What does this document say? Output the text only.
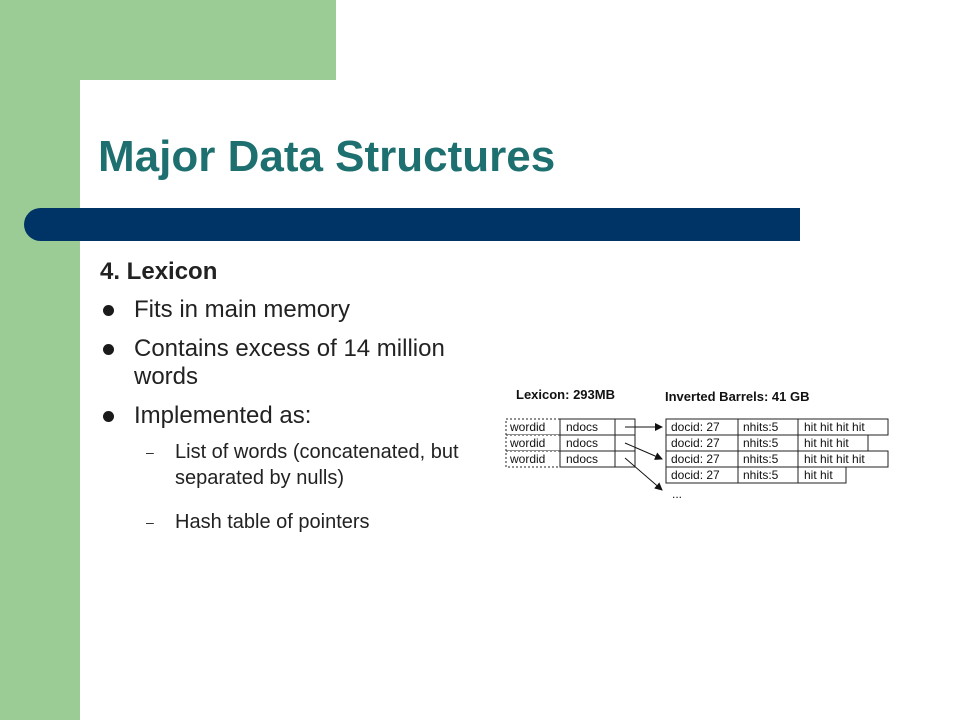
Major Data Structures
4. Lexicon
Fits in main memory
Contains excess of 14 million words
Implemented as:
– List of words (concatenated, but separated by nulls)
– Hash table of pointers
Lexicon: 293MB	Inverted Barrels: 41 GB
wordid ndocs
wordid ndocs
wordid ndocs
docid: 27 nhits:5 hit hit hit hit
docid: 27 nhits:5 hit hit hit
docid: 27 nhits:5 hit hit hit hit
docid: 27 nhits:5 hit hit
...
